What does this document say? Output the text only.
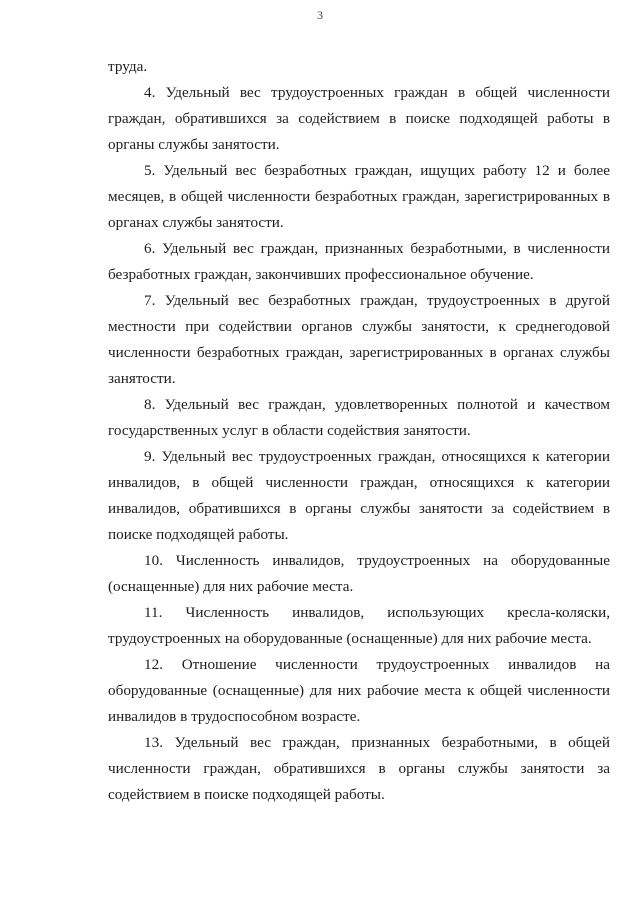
3

труда.

4. Удельный вес трудоустроенных граждан в общей численности граждан, обратившихся за содействием в поиске подходящей работы в органы службы занятости.

5. Удельный вес безработных граждан, ищущих работу 12 и более месяцев, в общей численности безработных граждан, зарегистрированных в органах службы занятости.

6. Удельный вес граждан, признанных безработными, в численности безработных граждан, закончивших профессиональное обучение.

7. Удельный вес безработных граждан, трудоустроенных в другой местности при содействии органов службы занятости, к среднегодовой численности безработных граждан, зарегистрированных в органах службы занятости.

8. Удельный вес граждан, удовлетворенных полнотой и качеством государственных услуг в области содействия занятости.

9. Удельный вес трудоустроенных граждан, относящихся к категории инвалидов, в общей численности граждан, относящихся к категории инвалидов, обратившихся в органы службы занятости за содействием в поиске подходящей работы.

10. Численность инвалидов, трудоустроенных на оборудованные (оснащенные) для них рабочие места.

11. Численность инвалидов, использующих кресла-коляски, трудоустроенных на оборудованные (оснащенные) для них рабочие места.

12. Отношение численности трудоустроенных инвалидов на оборудованные (оснащенные) для них рабочие места к общей численности инвалидов в трудоспособном возрасте.

13. Удельный вес граждан, признанных безработными, в общей численности граждан, обратившихся в органы службы занятости за содействием в поиске подходящей работы.
